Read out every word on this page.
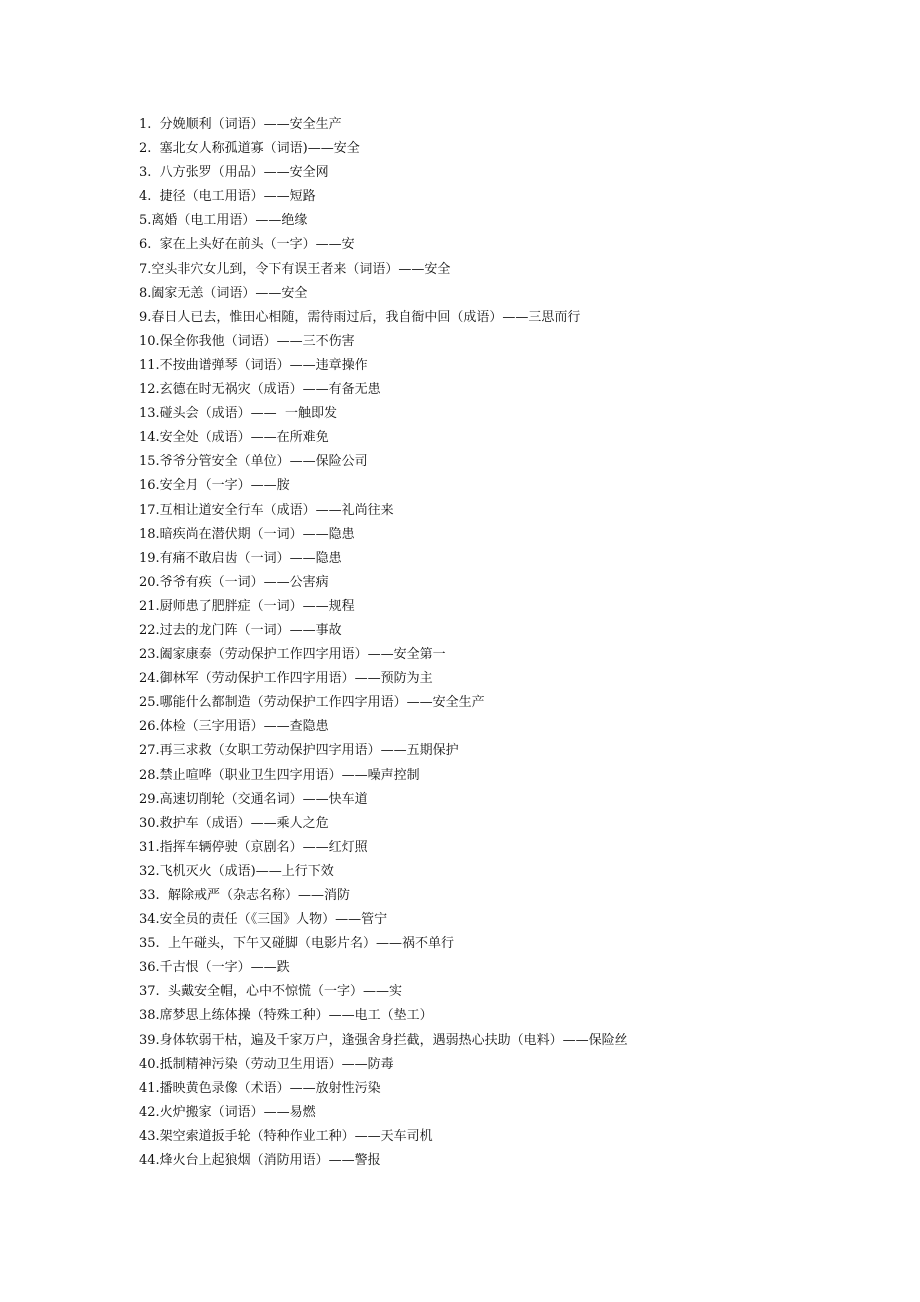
1.  分娩顺利（词语）——安全生产
2.  塞北女人称孤道寡（词语)——安全
3.  八方张罗（用品）——安全网
4.  捷径（电工用语）——短路
5.离婚（电工用语）——绝缘
6.  家在上头好在前头（一字）——安
7.空头非穴女儿到，令下有误王者来（词语）——安全
8.阖家无恙（词语）——安全
9.春日人已去，惟田心相随，需待雨过后，我自衙中回（成语）——三思而行
10.保全你我他（词语）——三不伤害
11.不按曲谱弹琴（词语）——违章操作
12.玄德在时无祸灾（成语）——有备无患
13.碰头会（成语）——  一触即发
14.安全处（成语）——在所难免
15.爷爷分管安全（单位）——保险公司
16.安全月（一字）——胺
17.互相让道安全行车（成语）——礼尚往来
18.暗疾尚在潜伏期（一词）——隐患
19.有痛不敢启齿（一词）——隐患
20.爷爷有疾（一词）——公害病
21.厨师患了肥胖症（一词）——规程
22.过去的龙门阵（一词）——事故
23.阖家康泰（劳动保护工作四字用语）——安全第一
24.御林军（劳动保护工作四字用语）——预防为主
25.哪能什么都制造（劳动保护工作四字用语）——安全生产
26.体检（三字用语）——查隐患
27.再三求救（女职工劳动保护四字用语）——五期保护
28.禁止喧哗（职业卫生四字用语）——噪声控制
29.高速切削轮（交通名词）——快车道
30.救护车（成语）——乘人之危
31.指挥车辆停驶（京剧名）——红灯照
32.飞机灭火（成语)——上行下效
33.  解除戒严（杂志名称）——消防
34.安全员的责任（《三国》人物）——管宁
35.  上午碰头，下午又碰脚（电影片名）——祸不单行
36.千古恨（一字）——跌
37.  头戴安全帽，心中不惊慌（一字）——实
38.席梦思上练体操（特殊工种）——电工（垫工）
39.身体软弱干枯，遍及千家万户，逢强舍身拦截，遇弱热心扶助（电料）——保险丝
40.抵制精神污染（劳动卫生用语）——防毒
41.播映黄色录像（术语）——放射性污染
42.火炉搬家（词语）——易燃
43.架空索道扳手轮（特种作业工种）——天车司机
44.烽火台上起狼烟（消防用语）——警报
